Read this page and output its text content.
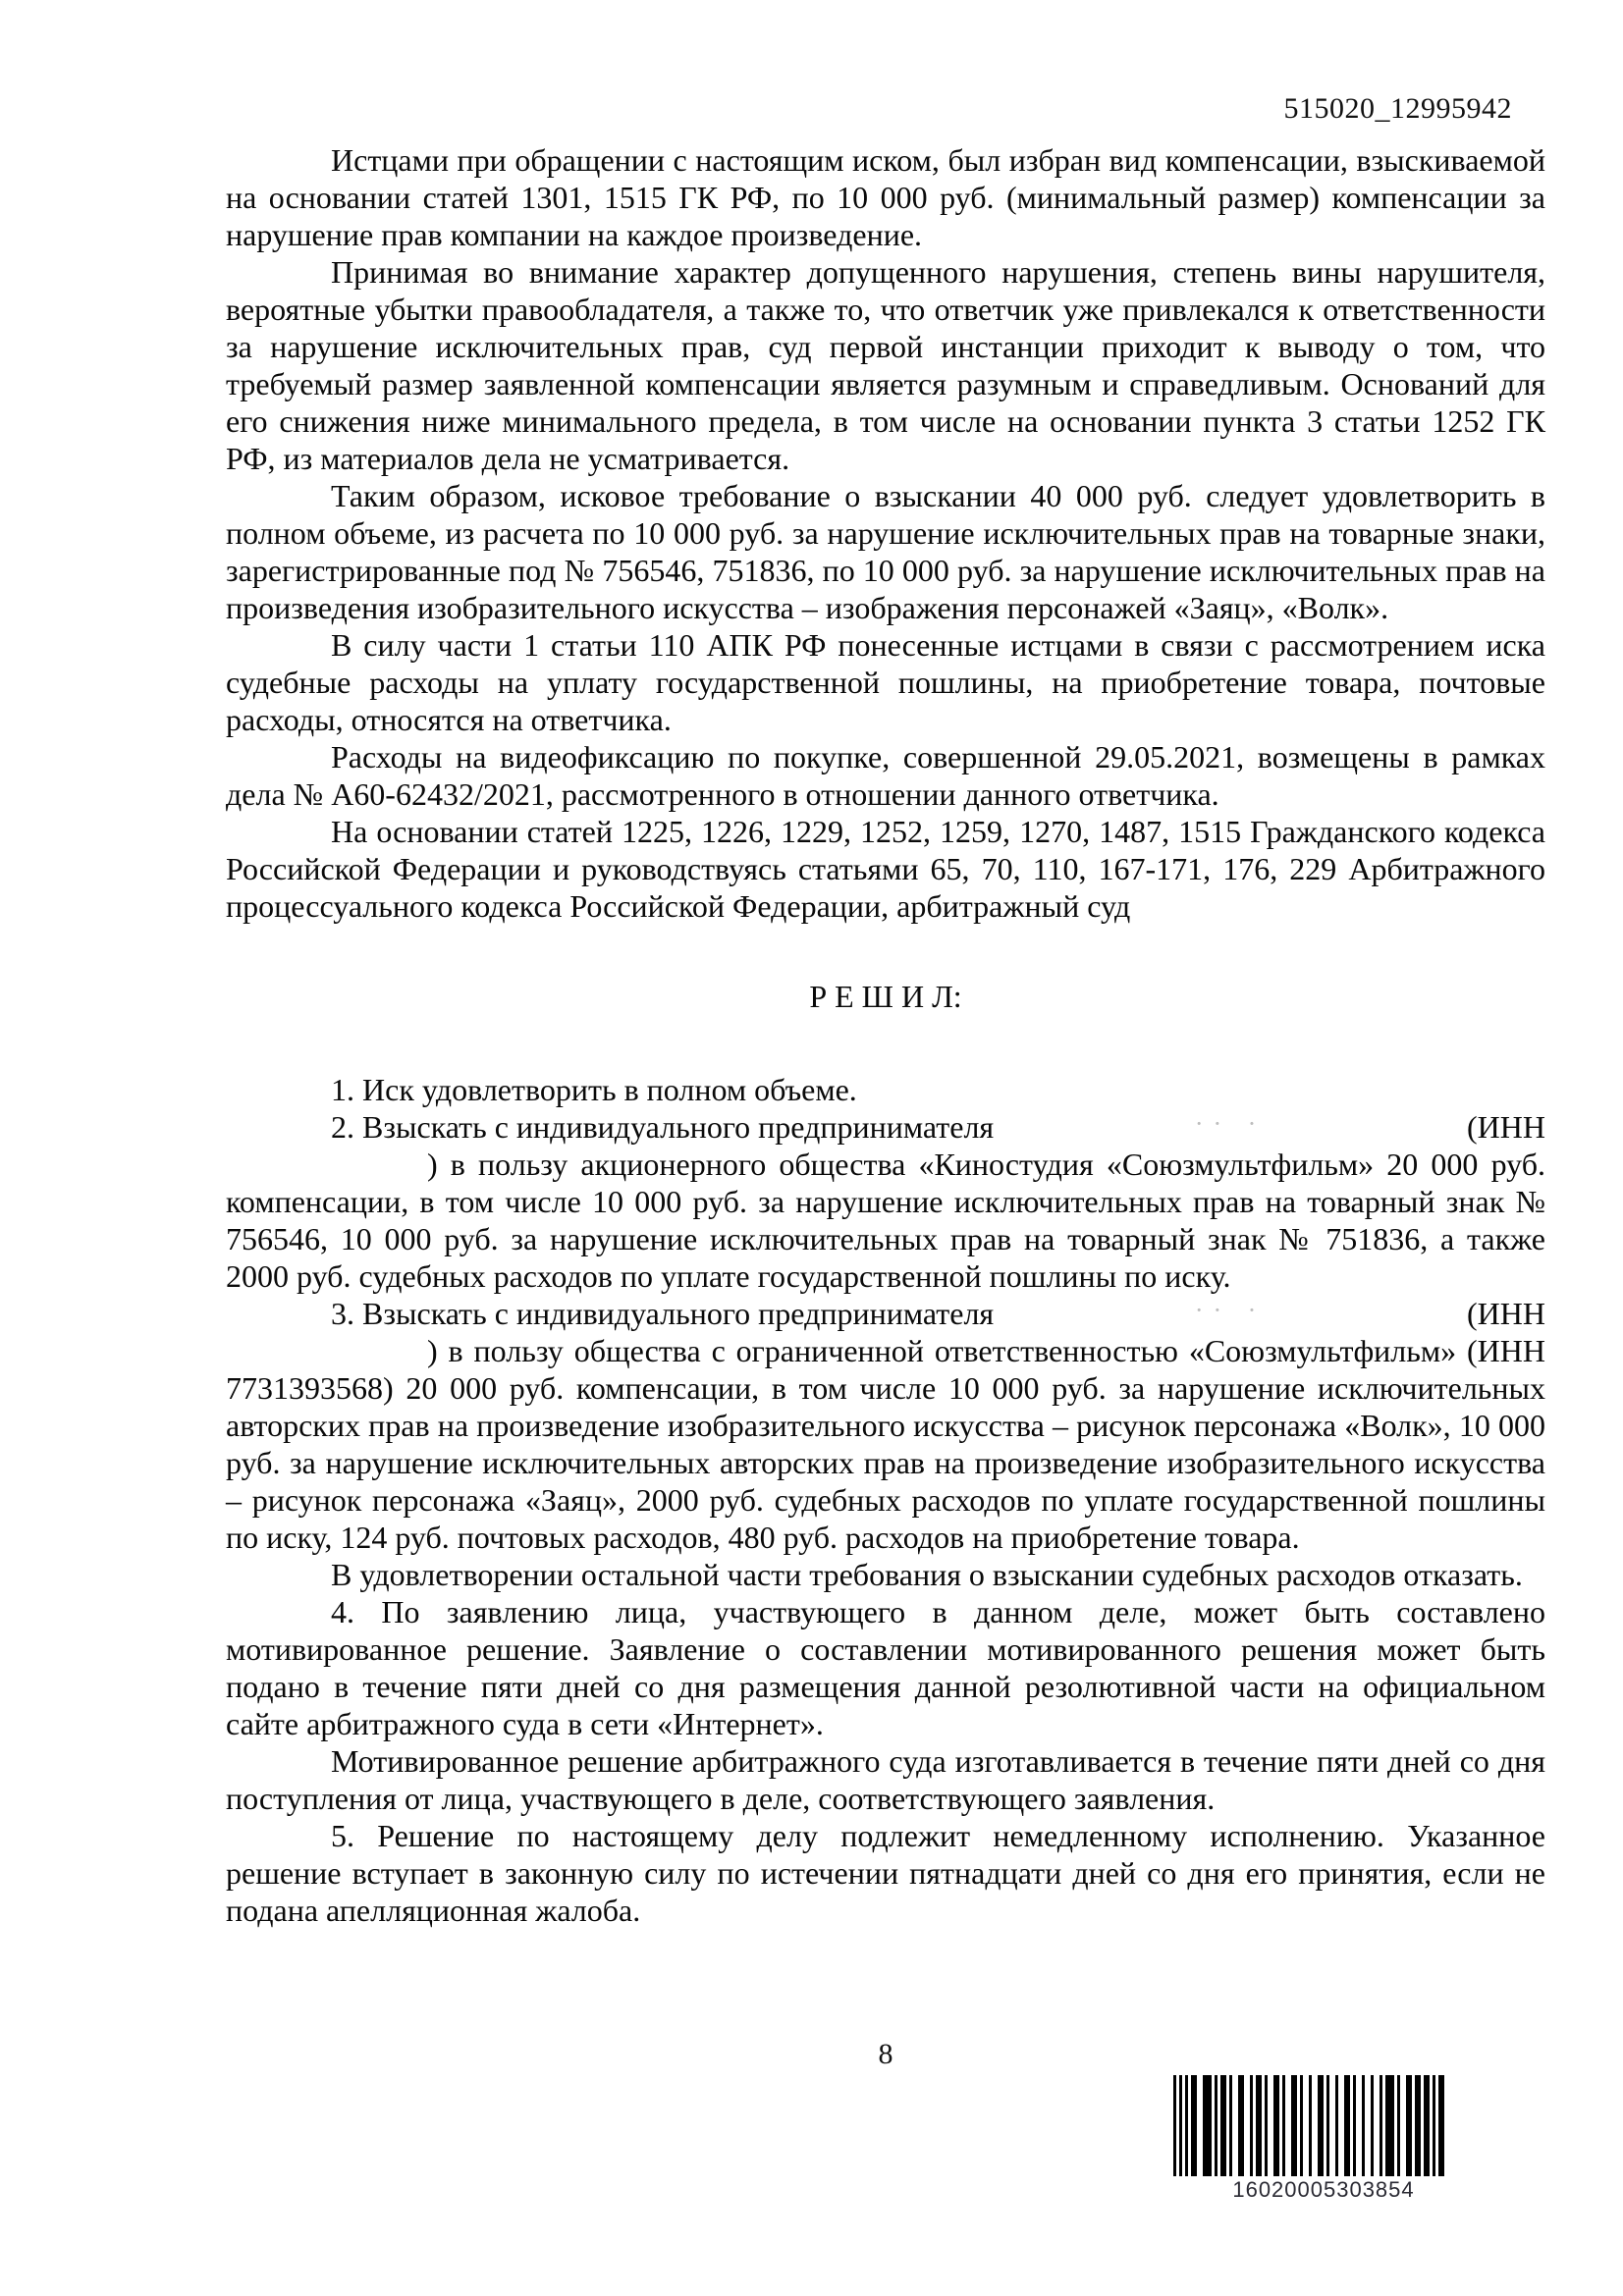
515020_12995942
Истцами при обращении с настоящим иском, был избран вид компенсации, взыскиваемой на основании статей 1301, 1515 ГК РФ, по 10 000 руб. (минимальный размер) компенсации за нарушение прав компании на каждое произведение.
Принимая во внимание характер допущенного нарушения, степень вины нарушителя, вероятные убытки правообладателя, а также то, что ответчик уже привлекался к ответственности за нарушение исключительных прав, суд первой инстанции приходит к выводу о том, что требуемый размер заявленной компенсации является разумным и справедливым. Оснований для его снижения ниже минимального предела, в том числе на основании пункта 3 статьи 1252 ГК РФ, из материалов дела не усматривается.
Таким образом, исковое требование о взыскании 40 000 руб. следует удовлетворить в полном объеме, из расчета по 10 000 руб. за нарушение исключительных прав на товарные знаки, зарегистрированные под № 756546, 751836, по 10 000 руб. за нарушение исключительных прав на произведения изобразительного искусства – изображения персонажей «Заяц», «Волк».
В силу части 1 статьи 110 АПК РФ понесенные истцами в связи с рассмотрением иска судебные расходы на уплату государственной пошлины, на приобретение товара, почтовые расходы, относятся на ответчика.
Расходы на видеофиксацию по покупке, совершенной 29.05.2021, возмещены в рамках дела № А60-62432/2021, рассмотренного в отношении данного ответчика.
На основании статей 1225, 1226, 1229, 1252, 1259, 1270, 1487, 1515 Гражданского кодекса Российской Федерации и руководствуясь статьями 65, 70, 110, 167-171, 176, 229 Арбитражного процессуального кодекса Российской Федерации, арбитражный суд
Р Е Ш И Л:
1. Иск удовлетворить в полном объеме.
2. Взыскать с индивидуального предпринимателя	·· ·	(ИНН
) в пользу акционерного общества «Киностудия «Союзмультфильм» 20 000 руб. компенсации, в том числе 10 000 руб. за нарушение исключительных прав на товарный знак № 756546, 10 000 руб. за нарушение исключительных прав на товарный знак № 751836, а также 2000 руб. судебных расходов по уплате государственной пошлины по иску.
3. Взыскать с индивидуального предпринимателя	·· ·	(ИНН
) в пользу общества с ограниченной ответственностью «Союзмультфильм» (ИНН 7731393568) 20 000 руб. компенсации, в том числе 10 000 руб. за нарушение исключительных авторских прав на произведение изобразительного искусства – рисунок персонажа «Волк», 10 000 руб. за нарушение исключительных авторских прав на произведение изобразительного искусства – рисунок персонажа «Заяц», 2000 руб. судебных расходов по уплате государственной пошлины по иску, 124 руб. почтовых расходов, 480 руб. расходов на приобретение товара.
В удовлетворении остальной части требования о взыскании судебных расходов отказать.
4. По заявлению лица, участвующего в данном деле, может быть составлено мотивированное решение. Заявление о составлении мотивированного решения может быть подано в течение пяти дней со дня размещения данной резолютивной части на официальном сайте арбитражного суда в сети «Интернет».
Мотивированное решение арбитражного суда изготавливается в течение пяти дней со дня поступления от лица, участвующего в деле, соответствующего заявления.
5. Решение по настоящему делу подлежит немедленному исполнению. Указанное решение вступает в законную силу по истечении пятнадцати дней со дня его принятия, если не подана апелляционная жалоба.
8
16020005303854
